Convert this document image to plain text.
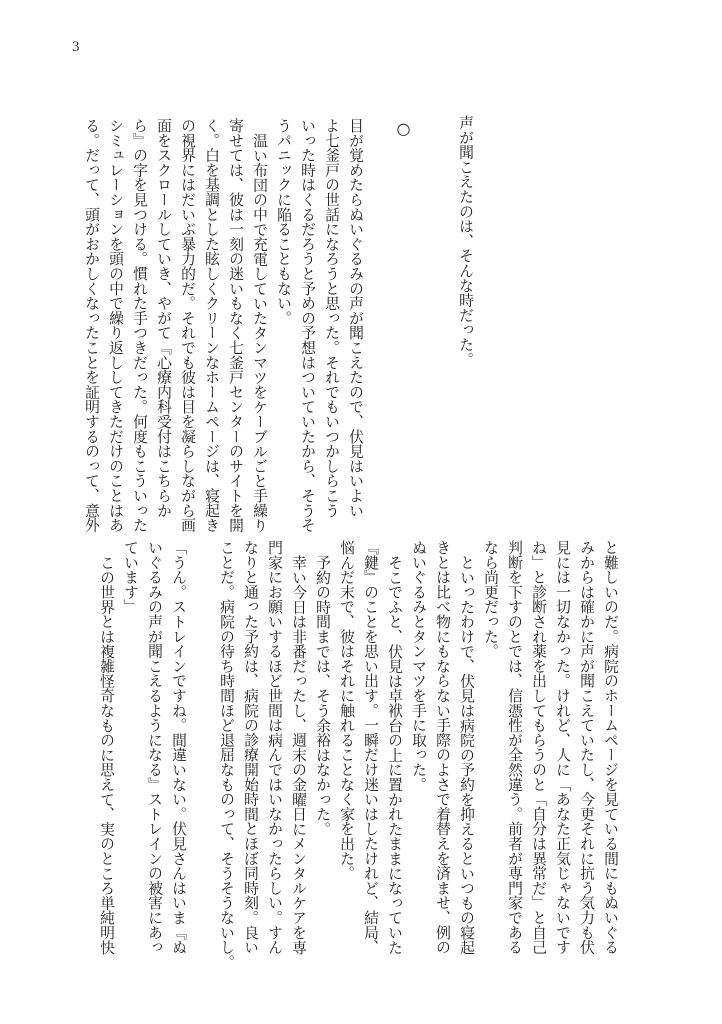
3

声が聞こえたのは、そんな時だった。

○

目が覚めたらぬいぐるみの声が聞こえたので、伏見はいよい

よ七釜戸の世話になろうと思った。それでもいつかしらこう

いった時はくるだろうと予めの予想はついていたから、そうそ

うパニックに陥ることもない。

温い布団の中で充電していたタンマツをケーブルごと手繰り

寄せては、彼は一刻の迷いもなく七釜戸センターのサイトを開

く。白を基調とした眩しくクリーンなホームページは、寝起き

の視界にはだいぶ暴力的だ。それでも彼は目を凝らしながら画

面をスクロールしていき、やがて『心療内科受付はこちらか

ら』の字を見つける。慣れた手つきだった。何度もこういった

シミュレーションを頭の中で繰り返ししてきただけのことはあ

る。だって、頭がおかしくなったことを証明するのって、意外

と難しいのだ。病院のホームページを見ている間にもぬいぐる

みからは確かに声が聞こえていたし、今更それに抗う気力も伏

見には一切なかった。けれど、人に「あなた正気じゃないです

ね」と診断され薬を出してもらうのと「自分は異常だ」と自己

判断を下すのとでは、信憑性が全然違う。前者が専門家である

なら尚更だった。

といったわけで、伏見は病院の予約を抑えるといつもの寝起

きとは比べ物にもならない手際のよさで着替えを済ませ、例の

ぬいぐるみとタンマツを手に取った。

そこでふと、伏見は卓袱台の上に置かれたままになっていた

『鍵』のことを思い出す。一瞬だけ迷いはしたけれど、結局、

悩んだ末で、彼はそれに触れることなく家を出た。

予約の時間までは、そう余裕はなかった。

幸い今日は非番だったし、週末の金曜日にメンタルケアを専

門家にお願いするほど世間は病んではいなかったらしい。すん

なりと通った予約は、病院の診療開始時間とほぼ同時刻。良い

ことだ。病院の待ち時間ほど退屈なものって、そうそうないし。

「うん。ストレインですね。間違いない。伏見さんはいま『ぬ

いぐるみの声が聞こえるようになる』ストレインの被害にあっ

ています」

この世界とは複雑怪奇なものに思えて、実のところ単純明快
